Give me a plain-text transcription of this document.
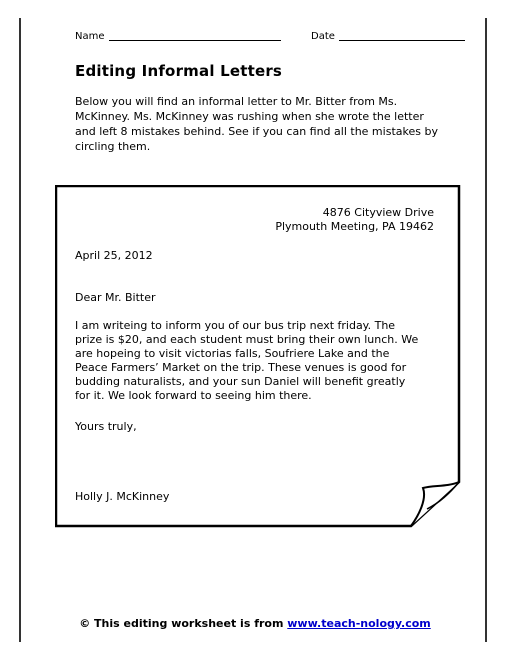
Name	Date
Editing Informal Letters
Below you will find an informal letter to Mr. Bitter from Ms. McKinney. Ms. McKinney was rushing when she wrote the letter and left 8 mistakes behind. See if you can find all the mistakes by circling them.
4876 Cityview Drive
Plymouth Meeting, PA 19462
April 25, 2012
Dear Mr. Bitter
I am writeing to inform you of our bus trip next friday. The prize is $20, and each student must bring their own lunch. We are hopeing to visit victorias falls, Soufriere Lake and the Peace Farmers’ Market on the trip. These venues is good for budding naturalists, and your sun Daniel will benefit greatly for it. We look forward to seeing him there.
Yours truly,
Holly J. McKinney
© This editing worksheet is from www.teach-nology.com
